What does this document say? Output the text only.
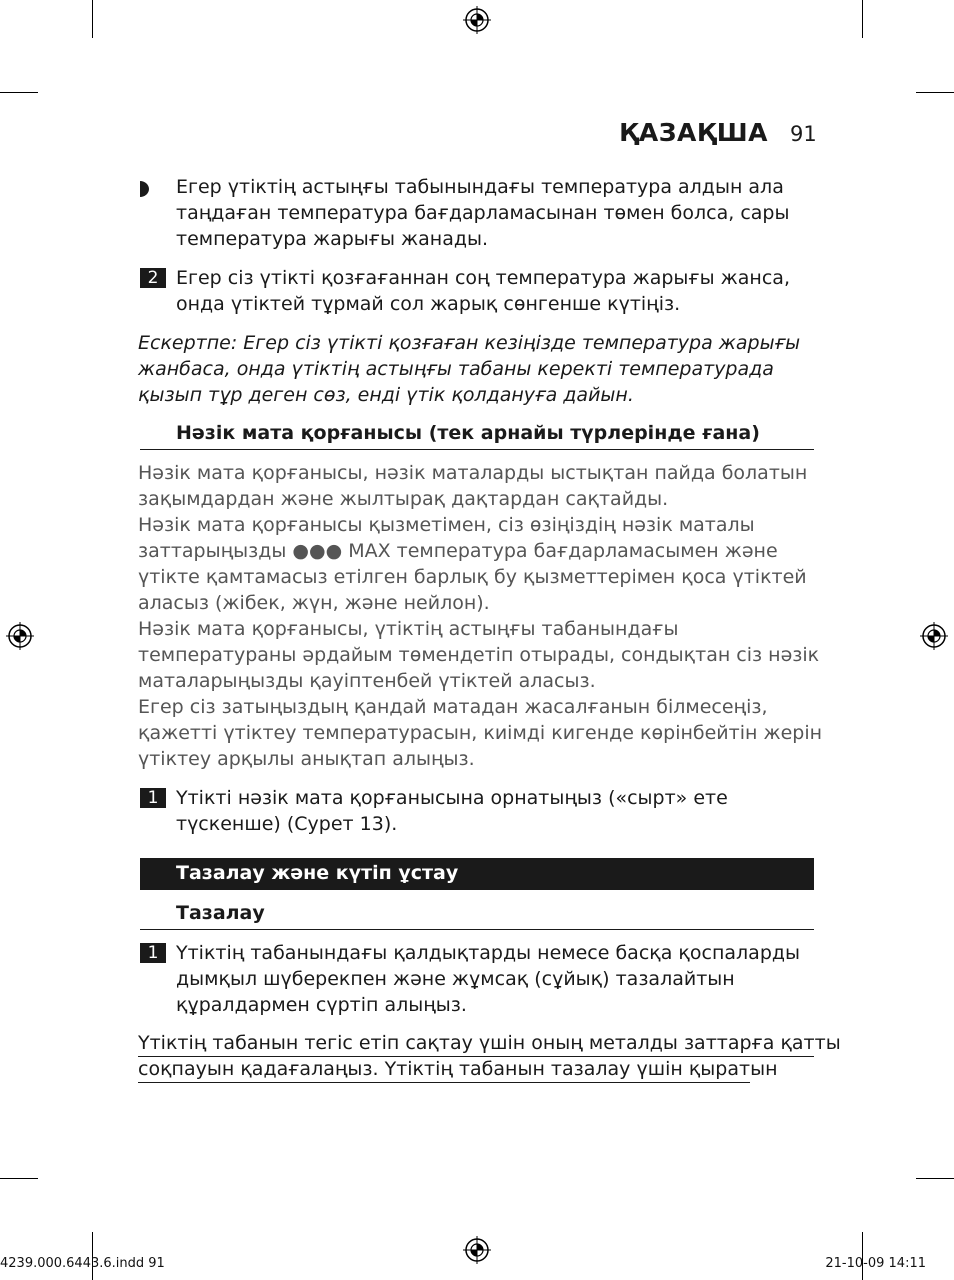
ҚАЗАҚША 91
Егер үтіктің астыңғы табынындағы температура алдын ала таңдаған температура бағдарламасынан төмен болса, сары температура жарығы жанады.
2 Егер сіз үтікті қозғағаннан соң температура жарығы жанса, онда үтіктей тұрмай сол жарық сөнгенше күтіңіз.
Ескертпе: Егер сіз үтікті қозғаған кезіңізде температура жарығы жанбаса, онда үтіктің астыңғы табаны керекті температурада қызып тұр деген сөз, енді үтік қолдануға дайын.
Нәзік мата қорғанысы (тек арнайы түрлерінде ғана)

Нәзік мата қорғанысы, нәзік маталарды ыстықтан пайда болатын зақымдардан және жылтырақ дақтардан сақтайды.

Нәзік мата қорғанысы қызметімен, сіз өзіңіздің нәзік маталы заттарыңызды ●●● MAX температура бағдарламасымен және үтікте қамтамасыз етілген барлық бу қызметтерімен қоса үтіктей аласыз (жібек, жүн, және нейлон).

Нәзік мата қорғанысы, үтіктің астыңғы табанындағы температураны әрдайым төмендетіп отырады, сондықтан сіз нәзік маталарыңызды қауіптенбей үтіктей аласыз.

Егер сіз затыңыздың қандай матадан жасалғанын білмесеңіз, қажетті үтіктеу температурасын, киімді кигенде көрінбейтін жерін үтіктеу арқылы анықтап алыңыз.

1 Үтікті нәзік мата қорғанысына орнатыңыз («сырт» ете түскенше) (Сурет 13).
Тазалау және күтіп ұстау
Тазалау
1 Үтіктің табанындағы қалдықтарды немесе басқа қоспаларды дымқыл шүберекпен және жұмсақ (сұйық) тазалайтын құралдармен сүртіп алыңыз.
Үтіктің табанын тегіс етіп сақтау үшін оның металды заттарға қатты
соқпауын қадағалаңыз. Үтіктің табанын тазалау үшін қыратын
4239.000.6443.6.indd 91	21-10-09 14:11
